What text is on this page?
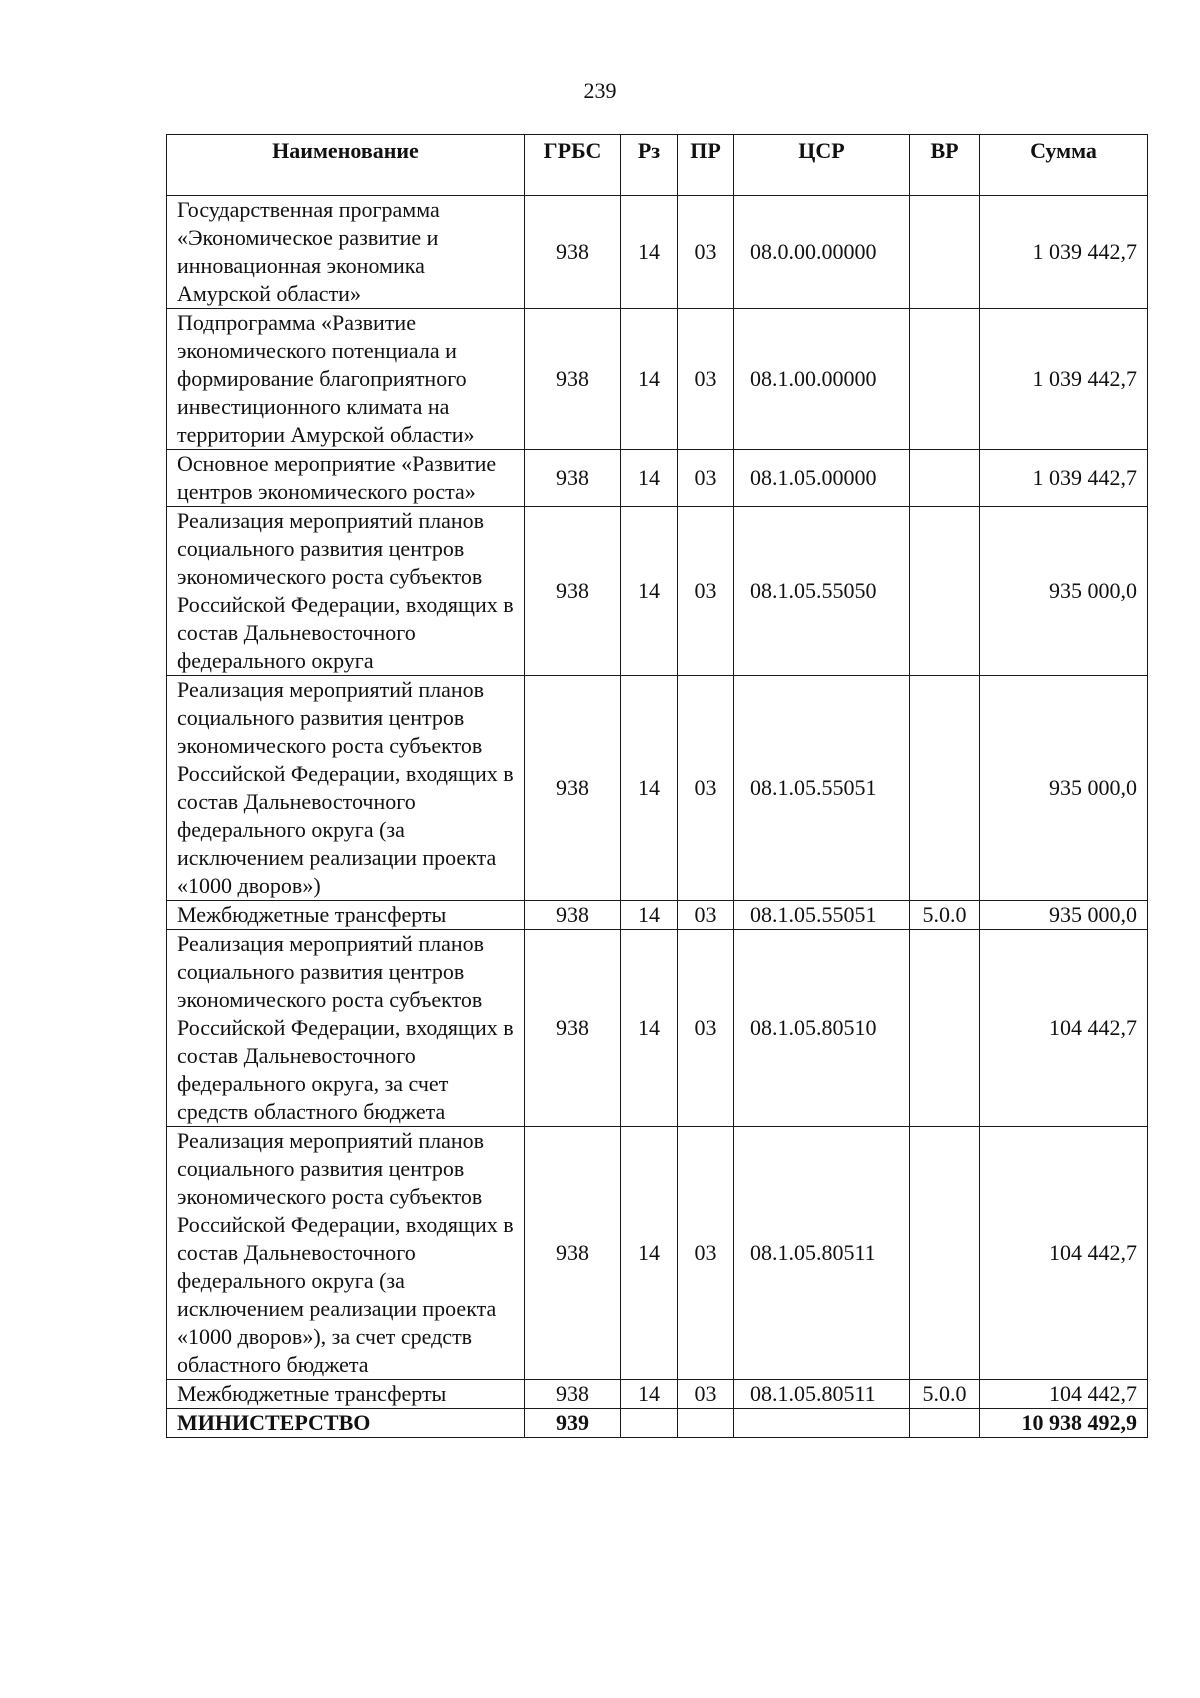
239
Наименование	ГРБС	Рз	ПР	ЦСР	ВР	Сумма
Государственная программа «Экономическое развитие и инновационная экономика Амурской области»	938	14	03	08.0.00.00000		1 039 442,7
Подпрограмма «Развитие экономического потенциала и формирование благоприятного инвестиционного климата на территории Амурской области»	938	14	03	08.1.00.00000		1 039 442,7
Основное мероприятие «Развитие центров экономического роста»	938	14	03	08.1.05.00000		1 039 442,7
Реализация мероприятий планов социального развития центров экономического роста субъектов Российской Федерации, входящих в состав Дальневосточного федерального округа	938	14	03	08.1.05.55050		935 000,0
Реализация мероприятий планов социального развития центров экономического роста субъектов Российской Федерации, входящих в состав Дальневосточного федерального округа (за исключением реализации проекта «1000 дворов»)	938	14	03	08.1.05.55051		935 000,0
Межбюджетные трансферты	938	14	03	08.1.05.55051	5.0.0	935 000,0
Реализация мероприятий планов социального развития центров экономического роста субъектов Российской Федерации, входящих в состав Дальневосточного федерального округа, за счет средств областного бюджета	938	14	03	08.1.05.80510		104 442,7
Реализация мероприятий планов социального развития центров экономического роста субъектов Российской Федерации, входящих в состав Дальневосточного федерального округа (за исключением реализации проекта «1000 дворов»), за счет средств областного бюджета	938	14	03	08.1.05.80511		104 442,7
Межбюджетные трансферты	938	14	03	08.1.05.80511	5.0.0	104 442,7
МИНИСТЕРСТВО	939					10 938 492,9
